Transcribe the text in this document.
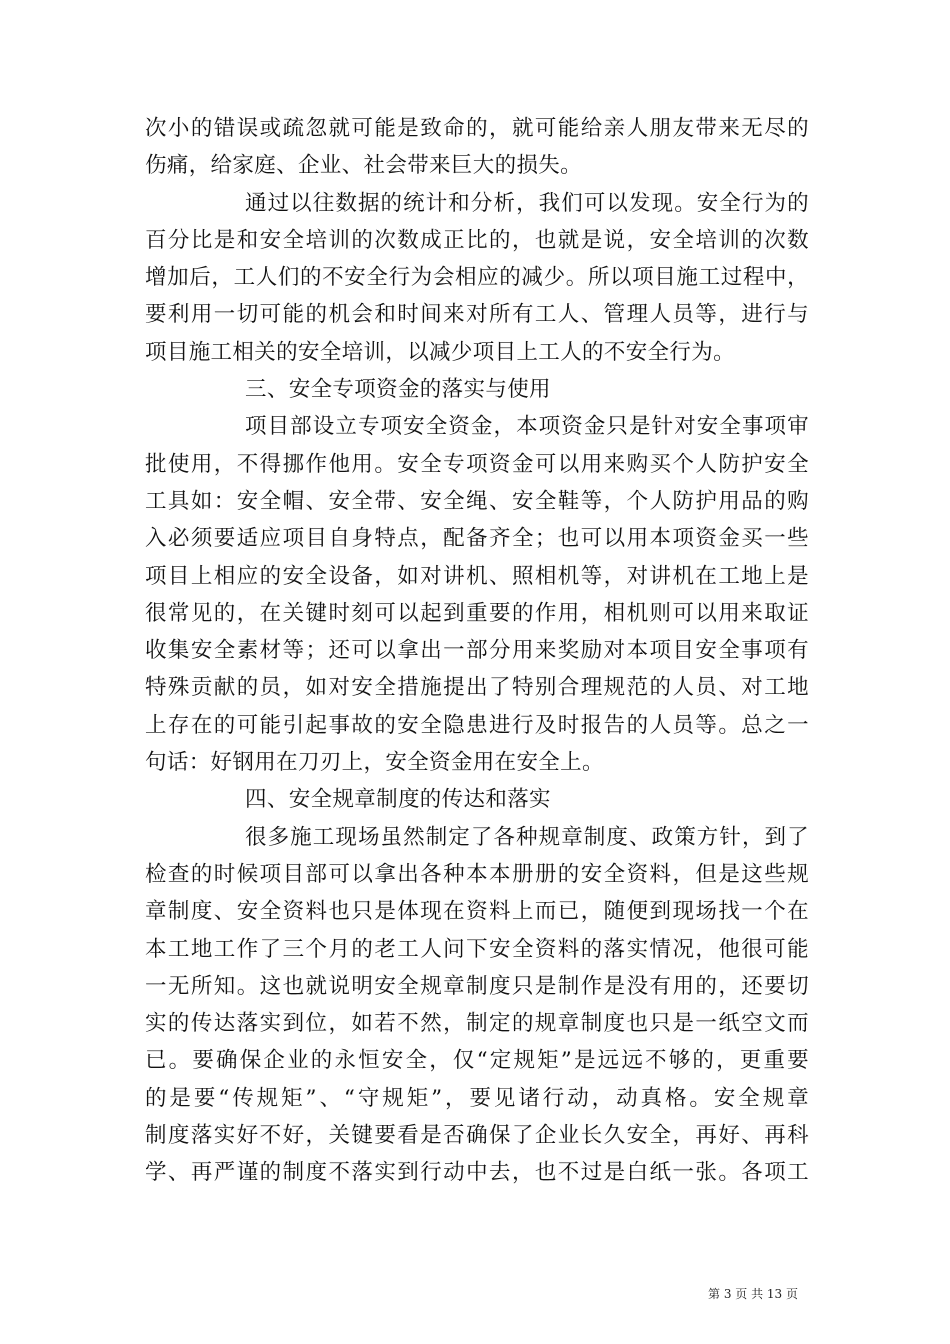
次小的错误或疏忽就可能是致命的，就可能给亲人朋友带来无尽的
伤痛，给家庭、企业、社会带来巨大的损失。
通过以往数据的统计和分析，我们可以发现。安全行为的
百分比是和安全培训的次数成正比的，也就是说，安全培训的次数
增加后，工人们的不安全行为会相应的减少。所以项目施工过程中，
要利用一切可能的机会和时间来对所有工人、管理人员等，进行与
项目施工相关的安全培训，以减少项目上工人的不安全行为。
三、安全专项资金的落实与使用
项目部设立专项安全资金，本项资金只是针对安全事项审
批使用，不得挪作他用。安全专项资金可以用来购买个人防护安全
工具如：安全帽、安全带、安全绳、安全鞋等，个人防护用品的购
入必须要适应项目自身特点，配备齐全；也可以用本项资金买一些
项目上相应的安全设备，如对讲机、照相机等，对讲机在工地上是
很常见的，在关键时刻可以起到重要的作用，相机则可以用来取证
收集安全素材等；还可以拿出一部分用来奖励对本项目安全事项有
特殊贡献的员，如对安全措施提出了特别合理规范的人员、对工地
上存在的可能引起事故的安全隐患进行及时报告的人员等。总之一
句话：好钢用在刀刃上，安全资金用在安全上。
四、安全规章制度的传达和落实
很多施工现场虽然制定了各种规章制度、政策方针，到了
检查的时候项目部可以拿出各种本本册册的安全资料，但是这些规
章制度、安全资料也只是体现在资料上而已，随便到现场找一个在
本工地工作了三个月的老工人问下安全资料的落实情况，他很可能
一无所知。这也就说明安全规章制度只是制作是没有用的，还要切
实的传达落实到位，如若不然，制定的规章制度也只是一纸空文而
已。要确保企业的永恒安全，仅“定规矩”是远远不够的，更重要
的是要“传规矩”、“守规矩”，要见诸行动，动真格。安全规章
制度落实好不好，关键要看是否确保了企业长久安全，再好、再科
学、再严谨的制度不落实到行动中去，也不过是白纸一张。各项工
第 3 页 共 13 页
